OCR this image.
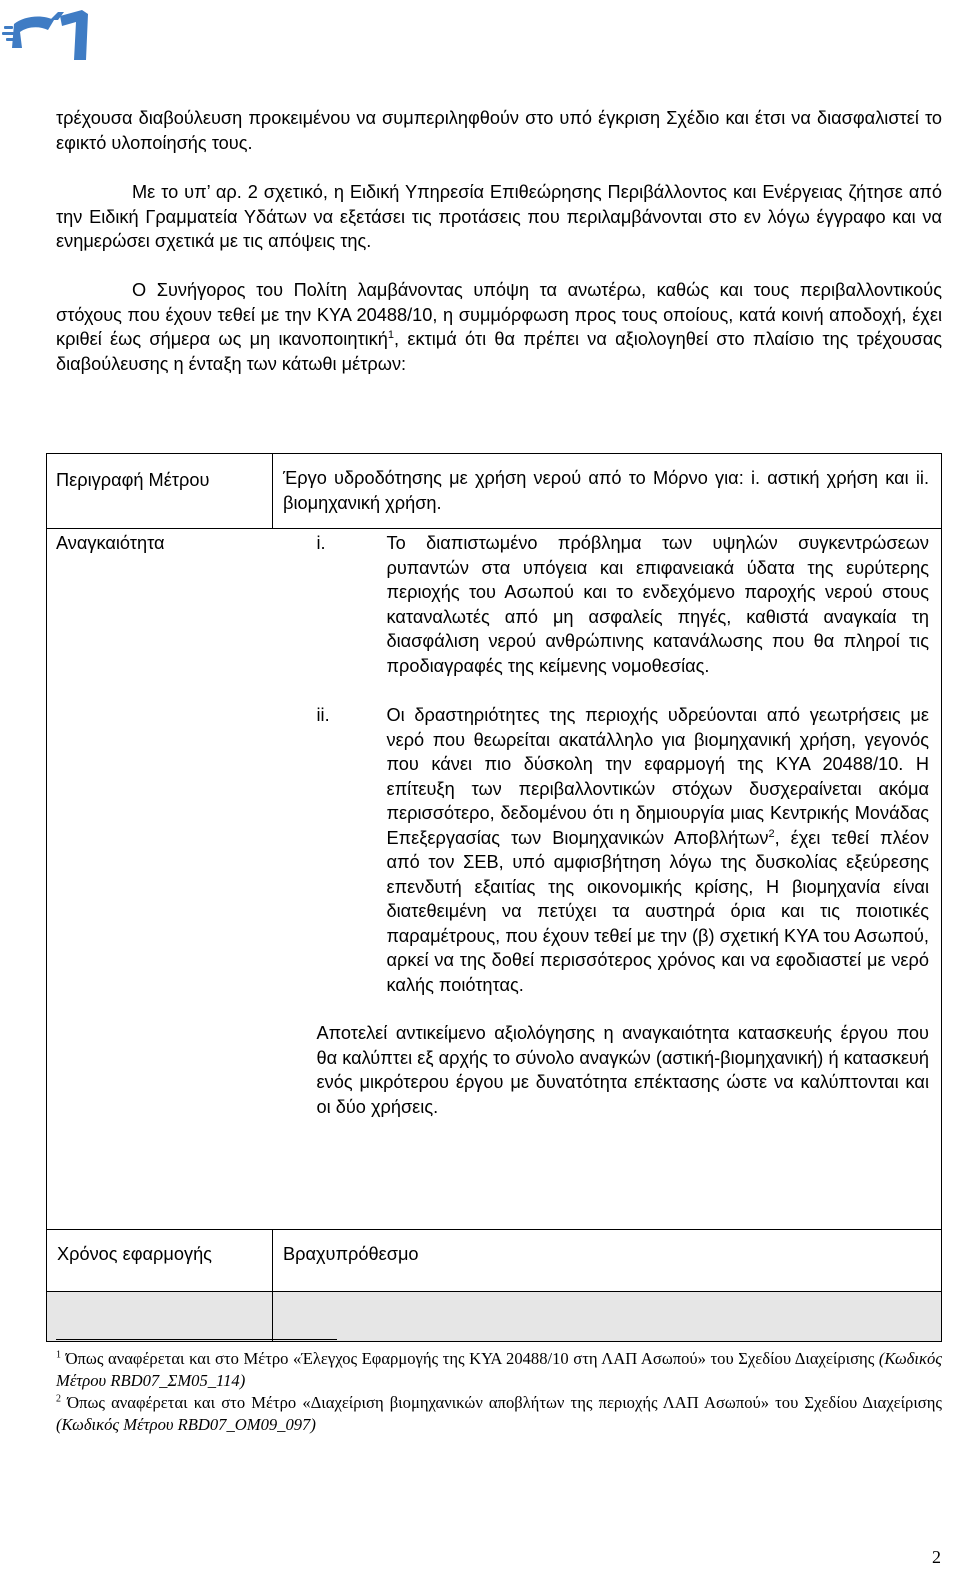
τρέχουσα διαβούλευση προκειμένου να συμπεριληφθούν στο υπό έγκριση Σχέδιο και έτσι να διασφαλιστεί το εφικτό υλοποίησής τους.

Με το υπ’ αρ. 2 σχετικό, η Ειδική Υπηρεσία Επιθεώρησης Περιβάλλοντος και Ενέργειας ζήτησε από την Ειδική Γραμματεία Υδάτων να εξετάσει τις προτάσεις που περιλαμβάνονται στο εν λόγω έγγραφο και να ενημερώσει σχετικά με τις απόψεις της.

Ο Συνήγορος του Πολίτη λαμβάνοντας υπόψη τα ανωτέρω, καθώς και τους περιβαλλοντικούς στόχους που έχουν τεθεί με την ΚΥΑ 20488/10, η συμμόρφωση προς τους οποίους, κατά κοινή αποδοχή, έχει κριθεί έως σήμερα ως μη ικανοποιητική$^1$, εκτιμά ότι θα πρέπει να αξιολογηθεί στο πλαίσιο της τρέχουσας διαβούλευσης η ένταξη των κάτωθι μέτρων:

Περιγραφή Μέτρου	Έργο υδροδότησης με χρήση νερού από το Μόρνο για: i. αστική χρήση και ii. βιομηχανική χρήση.
Αναγκαιότητα	i. Το διαπιστωμένο πρόβλημα των υψηλών συγκεντρώσεων ρυπαντών στα υπόγεια και επιφανειακά ύδατα της ευρύτερης περιοχής του Ασωπού και το ενδεχόμενο παροχής νερού στους καταναλωτές από μη ασφαλείς πηγές, καθιστά αναγκαία τη διασφάλιση νερού ανθρώπινης κατανάλωσης που θα πληροί τις προδιαγραφές της κείμενης νομοθεσίας.
ii. Οι δραστηριότητες της περιοχής υδρεύονται από γεωτρήσεις με νερό που θεωρείται ακατάλληλο για βιομηχανική χρήση, γεγονός που κάνει πιο δύσκολη την εφαρμογή της ΚΥΑ 20488/10. Η επίτευξη των περιβαλλοντικών στόχων δυσχεραίνεται ακόμα περισσότερο, δεδομένου ότι η δημιουργία μιας Κεντρικής Μονάδας Επεξεργασίας των Βιομηχανικών Αποβλήτων$^2$, έχει τεθεί πλέον από τον ΣΕΒ, υπό αμφισβήτηση λόγω της δυσκολίας εξεύρεσης επενδυτή εξαιτίας της οικονομικής κρίσης, Η βιομηχανία είναι διατεθειμένη να πετύχει τα αυστηρά όρια και τις ποιοτικές παραμέτρους, που έχουν τεθεί με την (β) σχετική ΚΥΑ του Ασωπού, αρκεί να της δοθεί περισσότερος χρόνος και να εφοδιαστεί με νερό καλής ποιότητας.
Αποτελεί αντικείμενο αξιολόγησης η αναγκαιότητα κατασκευής έργου που θα καλύπτει εξ αρχής το σύνολο αναγκών (αστική-βιομηχανική) ή κατασκευή ενός μικρότερου έργου με δυνατότητα επέκτασης ώστε να καλύπτονται και οι δύο χρήσεις.

Χρόνος εφαρμογής	Βραχυπρόθεσμο

$^1$ Όπως αναφέρεται και στο Μέτρο «Έλεγχος Εφαρμογής της ΚΥΑ 20488/10 στη ΛΑΠ Ασωπού» του Σχεδίου Διαχείρισης (Κωδικός Μέτρου RBD07_ΣΜ05_114)

$^2$ Όπως αναφέρεται και στο Μέτρο «Διαχείριση βιομηχανικών αποβλήτων της περιοχής ΛΑΠ Ασωπού» του Σχεδίου Διαχείρισης (Κωδικός Μέτρου RBD07_ΟΜ09_097)

2
